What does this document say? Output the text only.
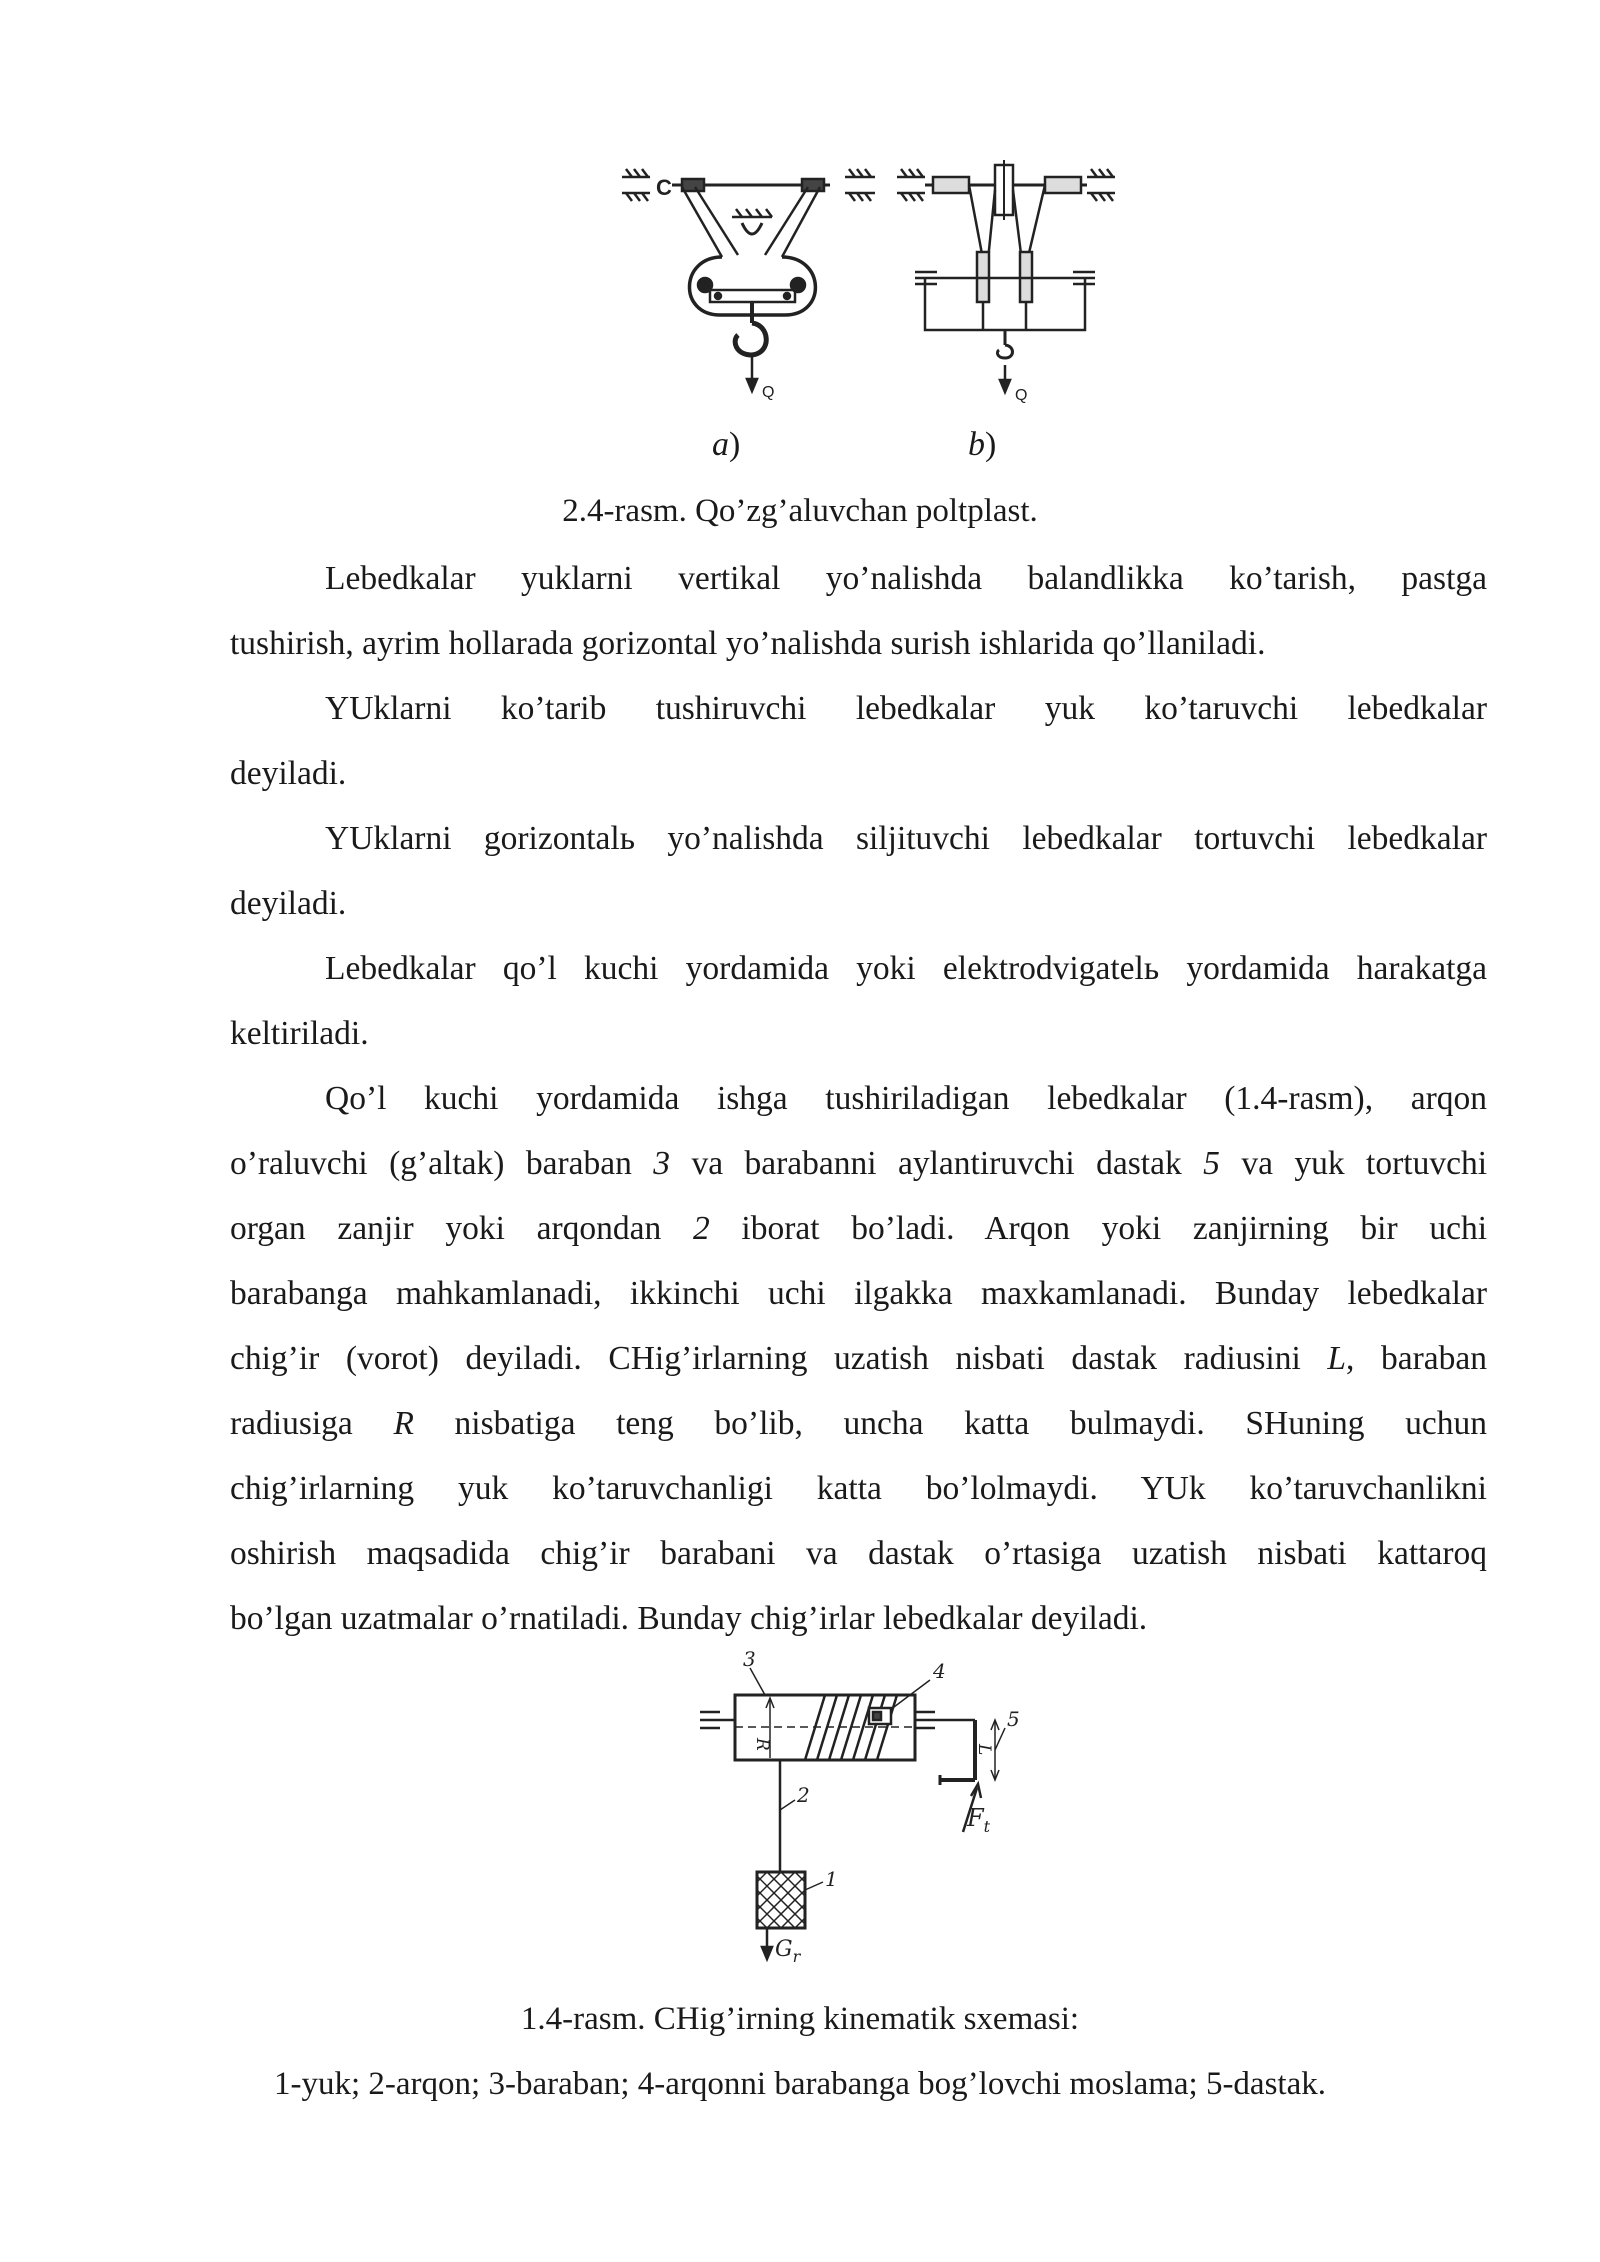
C
Q	Q
a)	b)
2.4-rasm. Qo’zg’aluvchan poltplast.
Lebedkalar yuklarni vertikal yo’nalishda balandlikka ko’tarish, pastga
tushirish, ayrim hollarada gorizontal yo’nalishda surish ishlarida qo’llaniladi.
YUklarni ko’tarib tushiruvchi lebedkalar yuk ko’taruvchi lebedkalar
deyiladi.
YUklarni gorizontalь yo’nalishda siljituvchi lebedkalar tortuvchi lebedkalar
deyiladi.
Lebedkalar qo’l kuchi yordamida yoki elektrodvigatelь yordamida harakatga
keltiriladi.
Qo’l kuchi yordamida ishga tushiriladigan lebedkalar (1.4-rasm), arqon
o’raluvchi (g’altak) baraban 3 va barabanni aylantiruvchi dastak 5 va yuk tortuvchi
organ zanjir yoki arqondan 2 iborat bo’ladi. Arqon yoki zanjirning bir uchi
barabanga mahkamlanadi, ikkinchi uchi ilgakka maxkamlanadi. Bunday lebedkalar
chig’ir (vorot) deyiladi. CHig’irlarning uzatish nisbati dastak radiusini L, baraban
radiusiga R nisbatiga teng bo’lib, uncha katta bulmaydi. SHuning uchun
chig’irlarning yuk ko’taruvchanligi katta bo’lolmaydi. YUk ko’taruvchanlikni
oshirish maqsadida chig’ir barabani va dastak o’rtasiga uzatish nisbati kattaroq
bo’lgan uzatmalar o’rnatiladi. Bunday chig’irlar lebedkalar deyiladi.
3	4
5
2
1
R	L
$F_t$
$G_r$
1.4-rasm. CHig’irning kinematik sxemasi:
1-yuk; 2-arqon; 3-baraban; 4-arqonni barabanga bog’lovchi moslama; 5-dastak.
